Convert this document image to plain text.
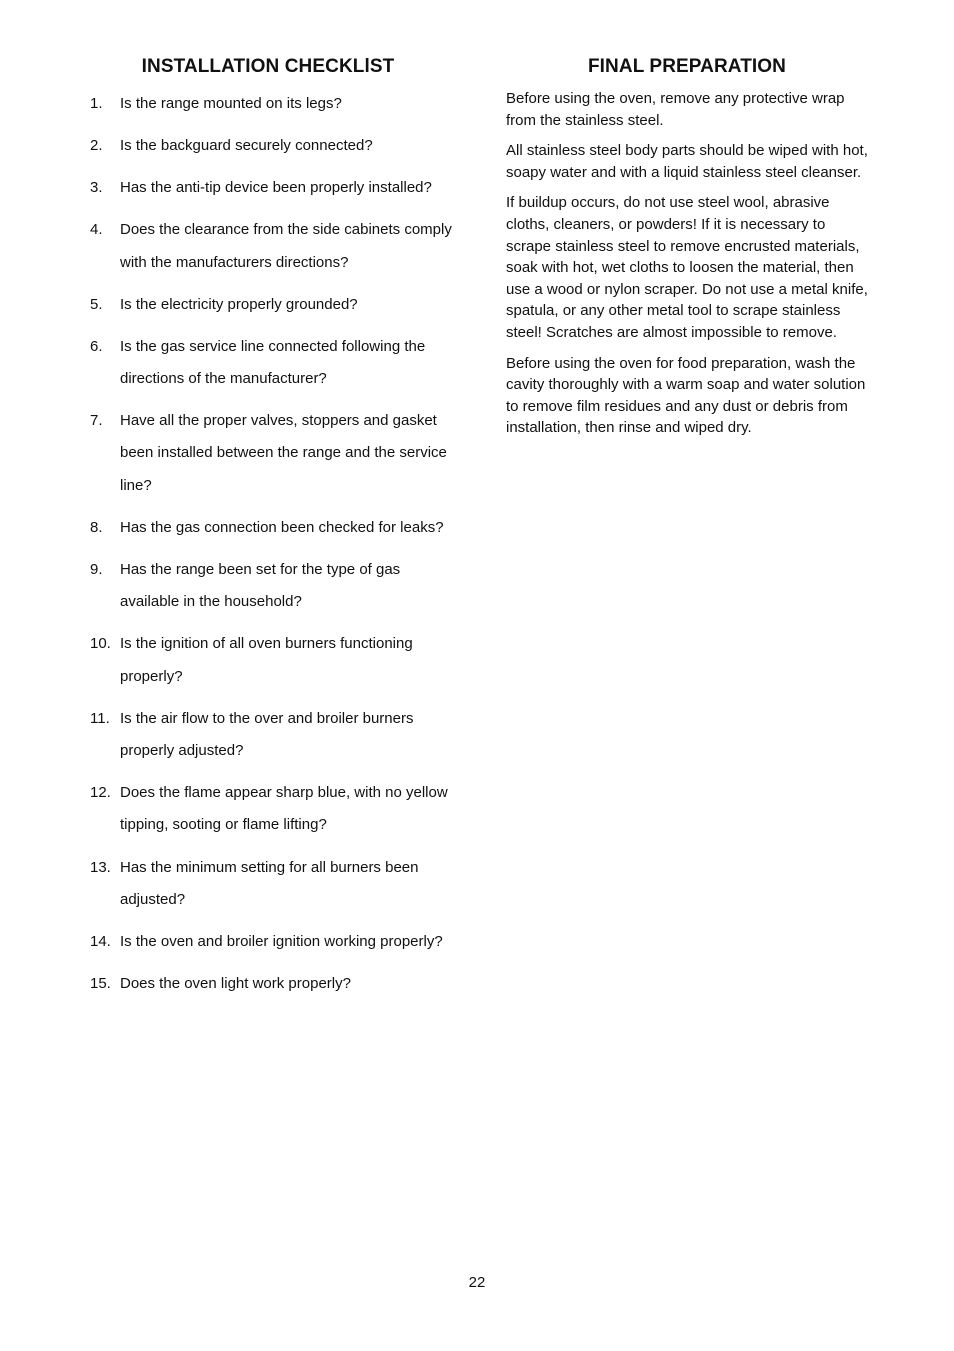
INSTALLATION CHECKLlST
1.	Is the range mounted on its legs?
2.	Is the backguard securely connected?
3.	Has the anti-tip device been properly installed?
4.	Does the clearance from the side cabinets comply with the manufacturers directions?
5.	Is the electricity properly grounded?
6.	Is the gas service line connected following the directions of the manufacturer?
7.	Have all the proper valves, stoppers and gasket been installed between the range and the service line?
8.	Has the gas connection been checked for leaks?
9.	Has the range been set for the type of gas available in the household?
10. Is the ignition of all oven burners functioning properly?
11. Is the air flow to the over and broiler burners properly adjusted?
12. Does the flame appear sharp blue, with no yellow tipping, sooting or flame lifting?
13. Has the minimum setting for all burners been adjusted?
14. Is the oven and broiler ignition working properly?
15. Does the oven light work properly?
FINAL PREPARATION

Before using the oven, remove any protective wrap from the stainless steel.

All stainless steel body parts should be wiped with hot, soapy water and with a liquid stainless steel cleanser.

If buildup occurs, do not use steel wool, abrasive cloths, cleaners, or powders! If it is necessary to scrape stainless steel to remove encrusted materials, soak with hot, wet cloths to loosen the material, then use a wood or nylon scraper. Do not use a metal knife, spatula, or any other metal tool to scrape stainless steel! Scratches are almost impossible to remove.

Before using the oven for food preparation, wash the cavity thoroughly with a warm soap and water solution to remove film residues and any dust or debris from installation, then rinse and wiped dry.

22
